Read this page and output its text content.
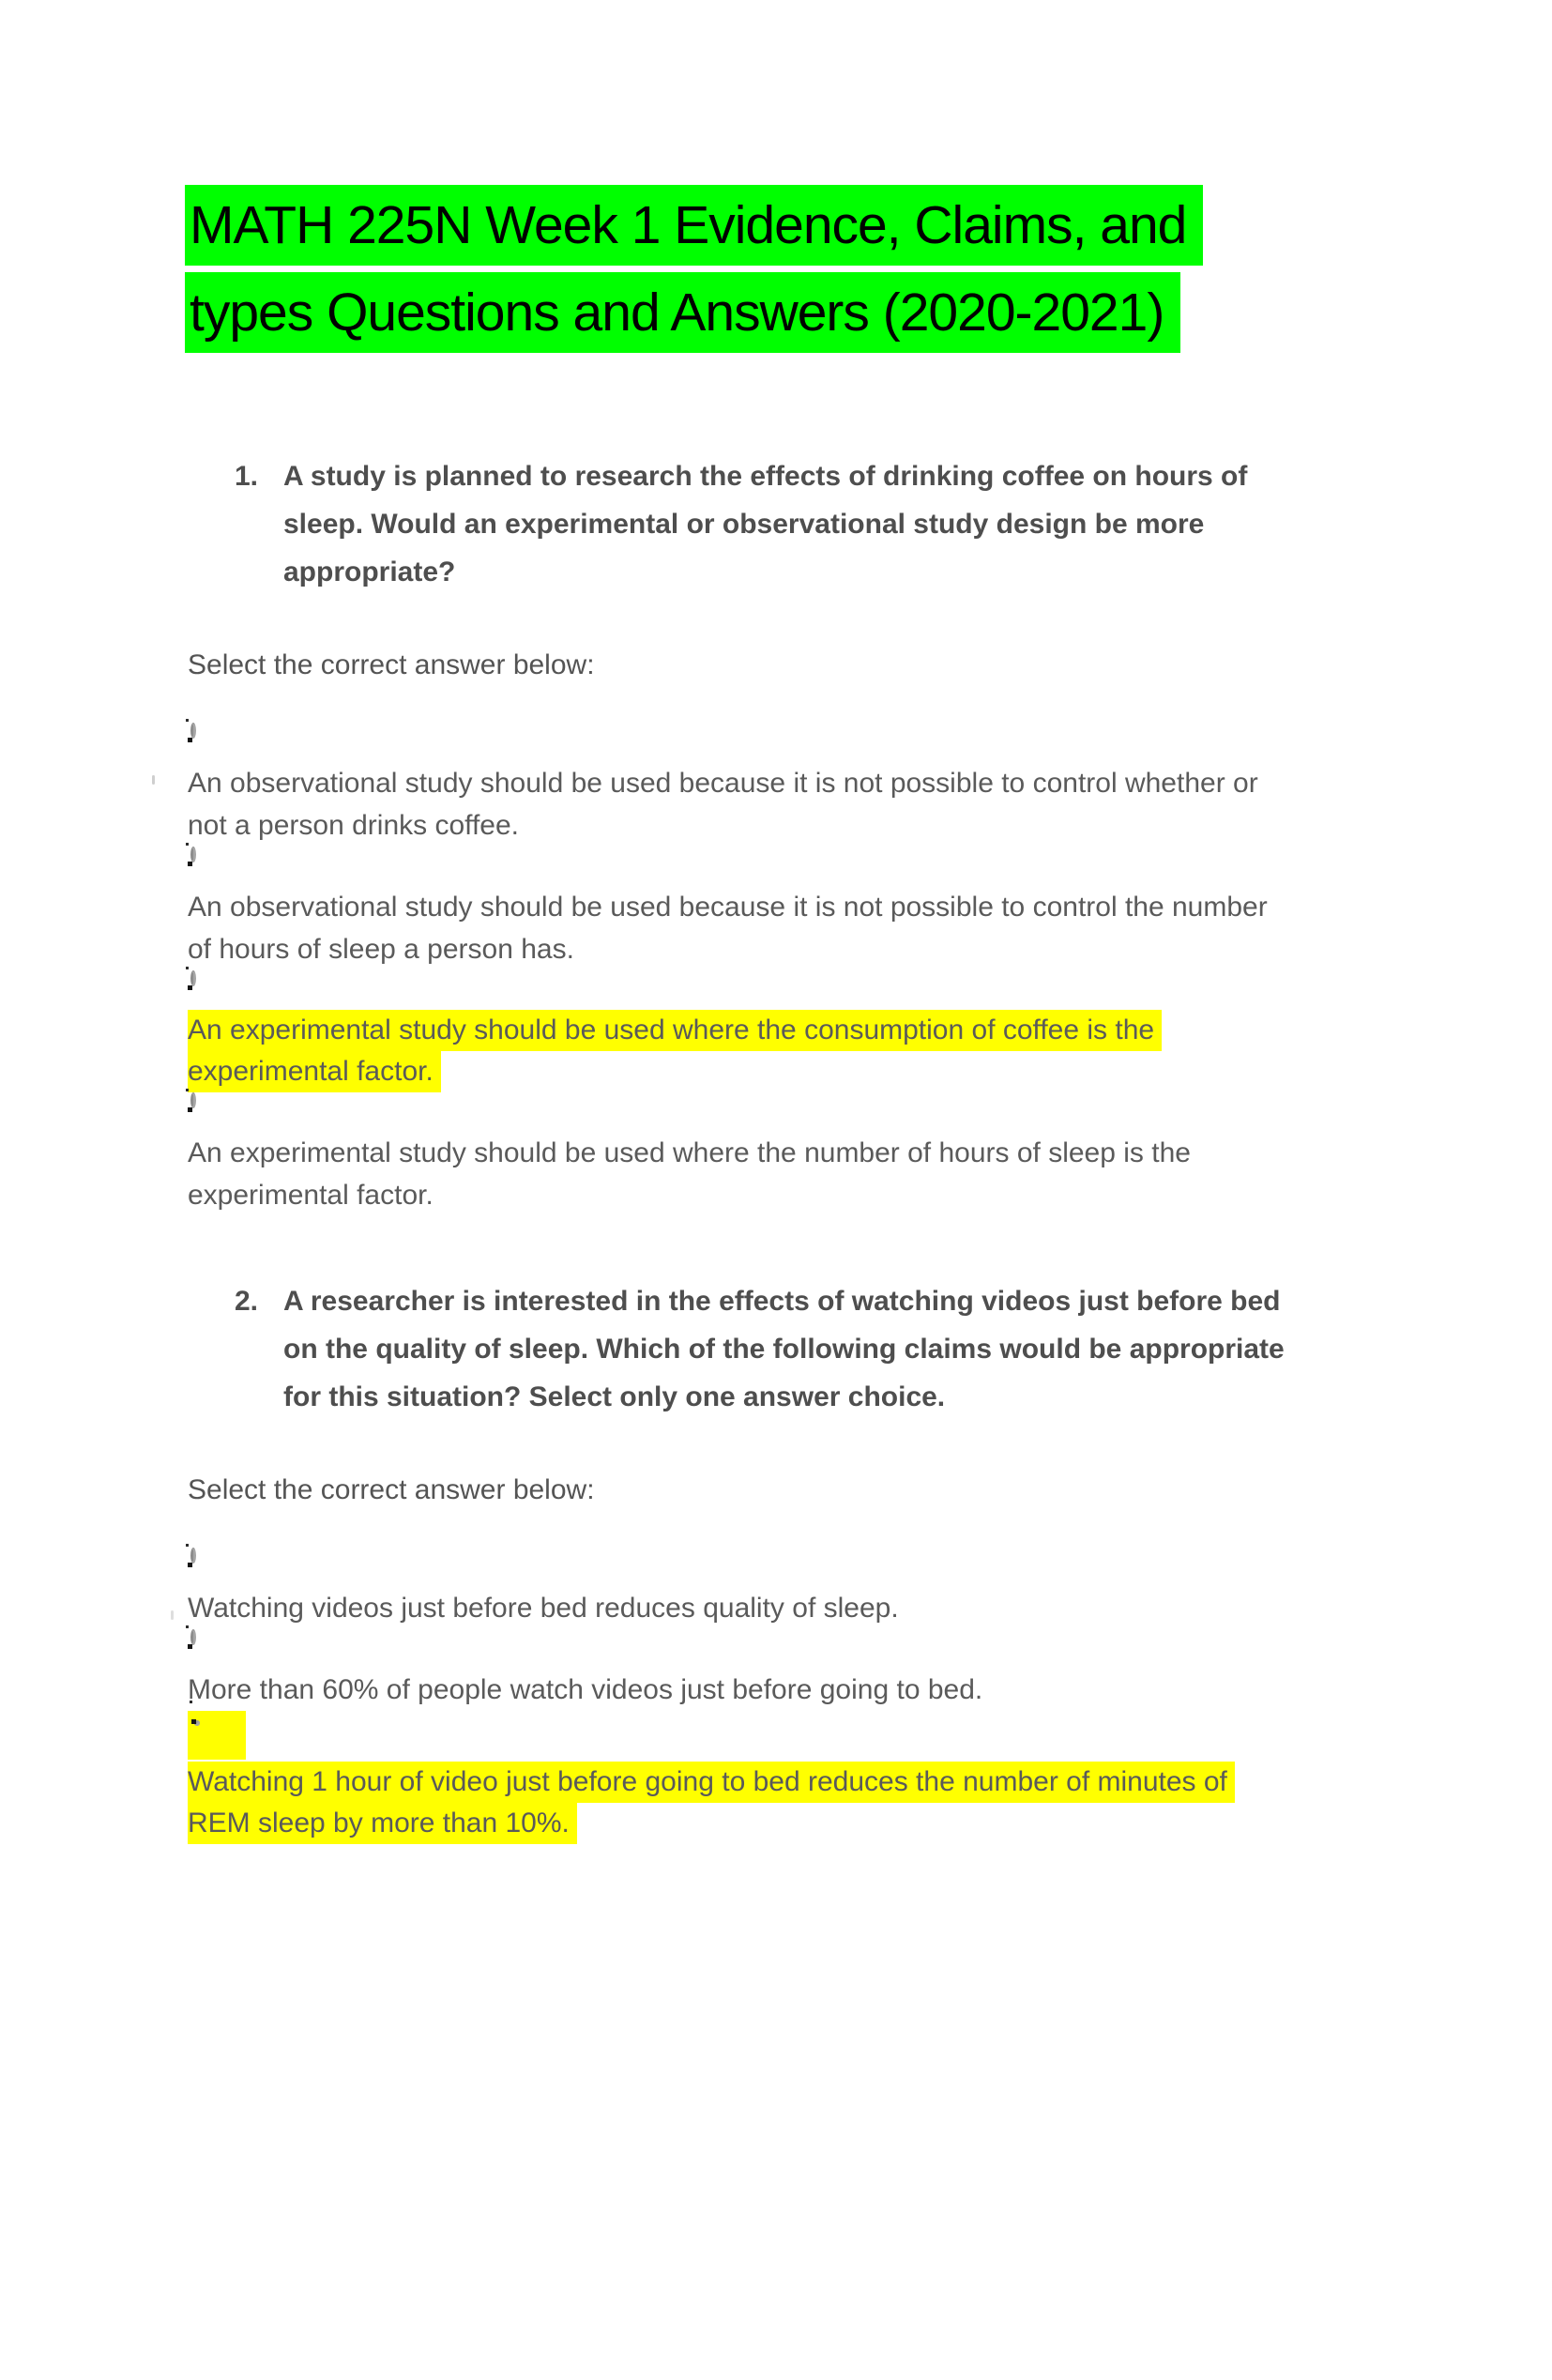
MATH 225N Week 1 Evidence, Claims, and
types Questions and Answers (2020-2021)
1. A study is planned to research the effects of drinking coffee on hours of
sleep. Would an experimental or observational study design be more
appropriate?
Select the correct answer below:
An observational study should be used because it is not possible to control whether or
not a person drinks coffee.
An observational study should be used because it is not possible to control the number
of hours of sleep a person has.
An experimental study should be used where the consumption of coffee is the
experimental factor.
An experimental study should be used where the number of hours of sleep is the
experimental factor.
2. A researcher is interested in the effects of watching videos just before bed
on the quality of sleep. Which of the following claims would be appropriate
for this situation? Select only one answer choice.
Select the correct answer below:
Watching videos just before bed reduces quality of sleep.
More than 60% of people watch videos just before going to bed.
Watching 1 hour of video just before going to bed reduces the number of minutes of
REM sleep by more than 10%.
